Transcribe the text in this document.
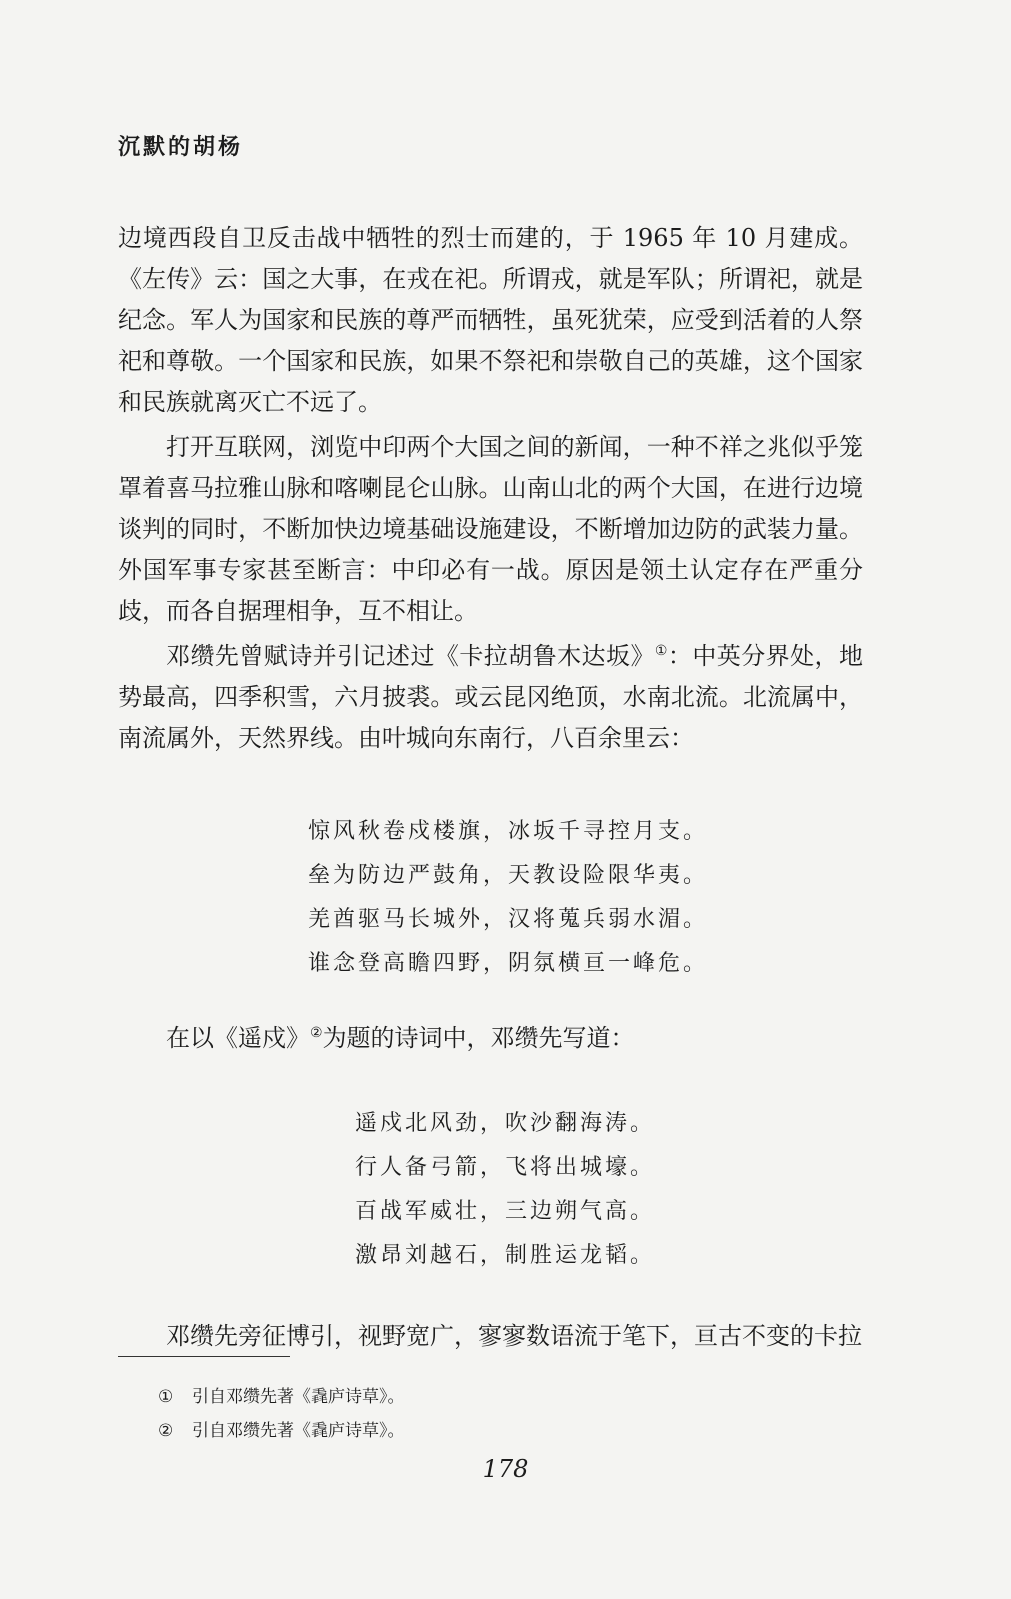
沉默的胡杨

边境西段自卫反击战中牺牲的烈士而建的，于 1965 年 10 月建成。《左传》云：国之大事，在戎在祀。所谓戎，就是军队；所谓祀，就是纪念。军人为国家和民族的尊严而牺牲，虽死犹荣，应受到活着的人祭祀和尊敬。一个国家和民族，如果不祭祀和崇敬自己的英雄，这个国家和民族就离灭亡不远了。

打开互联网，浏览中印两个大国之间的新闻，一种不祥之兆似乎笼罩着喜马拉雅山脉和喀喇昆仑山脉。山南山北的两个大国，在进行边境谈判的同时，不断加快边境基础设施建设，不断增加边防的武装力量。外国军事专家甚至断言：中印必有一战。原因是领土认定存在严重分歧，而各自据理相争，互不相让。

邓缵先曾赋诗并引记述过《卡拉胡鲁木达坂》①：中英分界处，地势最高，四季积雪，六月披裘。或云昆冈绝顶，水南北流。北流属中，南流属外，天然界线。由叶城向东南行，八百余里云：

惊风秋卷戍楼旗，冰坂千寻控月支。
垒为防边严鼓角，天教设险限华夷。
羌酋驱马长城外，汉将蒐兵弱水湄。
谁念登高瞻四野，阴氛横亘一峰危。
在以《遥戍》②为题的诗词中，邓缵先写道：
遥戍北风劲，吹沙翻海涛。
行人备弓箭，飞将出城壕。
百战军威壮，三边朔气高。
激昂刘越石，制胜运龙韬。
邓缵先旁征博引，视野宽广，寥寥数语流于笔下，亘古不变的卡拉
① 引自邓缵先著《毳庐诗草》。
② 引自邓缵先著《毳庐诗草》。
178
